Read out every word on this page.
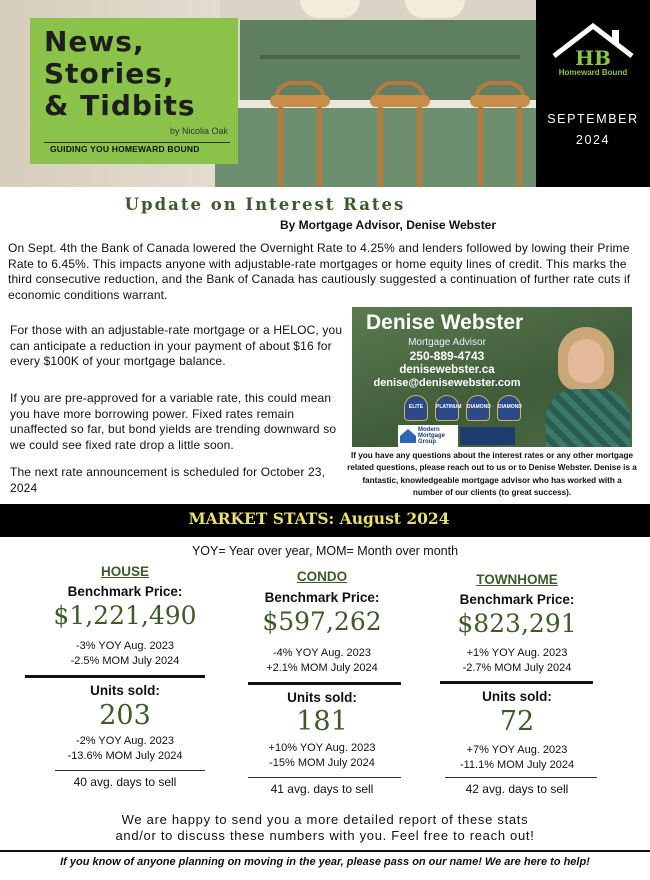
News,
Stories,
& Tidbits
by Nicolia Oak
GUIDING YOU HOMEWARD BOUND
HB
Homeward Bound
SEPTEMBER
2024
Update on Interest Rates
By Mortgage Advisor, Denise Webster
On Sept. 4th the Bank of Canada lowered the Overnight Rate to 4.25% and lenders followed by lowing their Prime Rate to 6.45%. This impacts anyone with adjustable-rate mortgages or home equity lines of credit. This marks the third consecutive reduction, and the Bank of Canada has cautiously suggested a continuation of further rate cuts if economic conditions warrant.
For those with an adjustable-rate mortgage or a HELOC, you can anticipate a reduction in your payment of about $16 for every $100K of your mortgage balance.
If you are pre-approved for a variable rate, this could mean you have more borrowing power. Fixed rates remain unaffected so far, but bond yields are trending downward so we could see fixed rate drop a little soon.
The next rate announcement is scheduled for October 23, 2024
Denise Webster
Mortgage Advisor
250-889-4743
denisewebster.ca
denise@denisewebster.com
ELITE	PLATINUM DIAMOND DIAMOND
Modern Mortgage Group
If you have any questions about the interest rates or any other mortgage related questions, please reach out to us or to Denise Webster. Denise is a fantastic, knowledgeable mortgage advisor who has worked with a number of our clients (to great success).
MARKET STATS: August 2024
YOY= Year over year, MOM= Month over month
HOUSE
Benchmark Price:
$1,221,490
-3% YOY Aug. 2023
-2.5% MOM July 2024
Units sold:
203
-2% YOY Aug. 2023
-13.6% MOM July 2024
40 avg. days to sell
CONDO
Benchmark Price:
$597,262
-4% YOY Aug. 2023
+2.1% MOM July 2024
Units sold:
181
+10% YOY Aug. 2023
-15% MOM July 2024
41 avg. days to sell
TOWNHOME
Benchmark Price:
$823,291
+1% YOY Aug. 2023
-2.7% MOM July 2024
Units sold:
72
+7% YOY Aug. 2023
-11.1% MOM July 2024
42 avg. days to sell
We are happy to send you a more detailed report of these stats
and/or to discuss these numbers with you. Feel free to reach out!
If you know of anyone planning on moving in the year, please pass on our name! We are here to help!
